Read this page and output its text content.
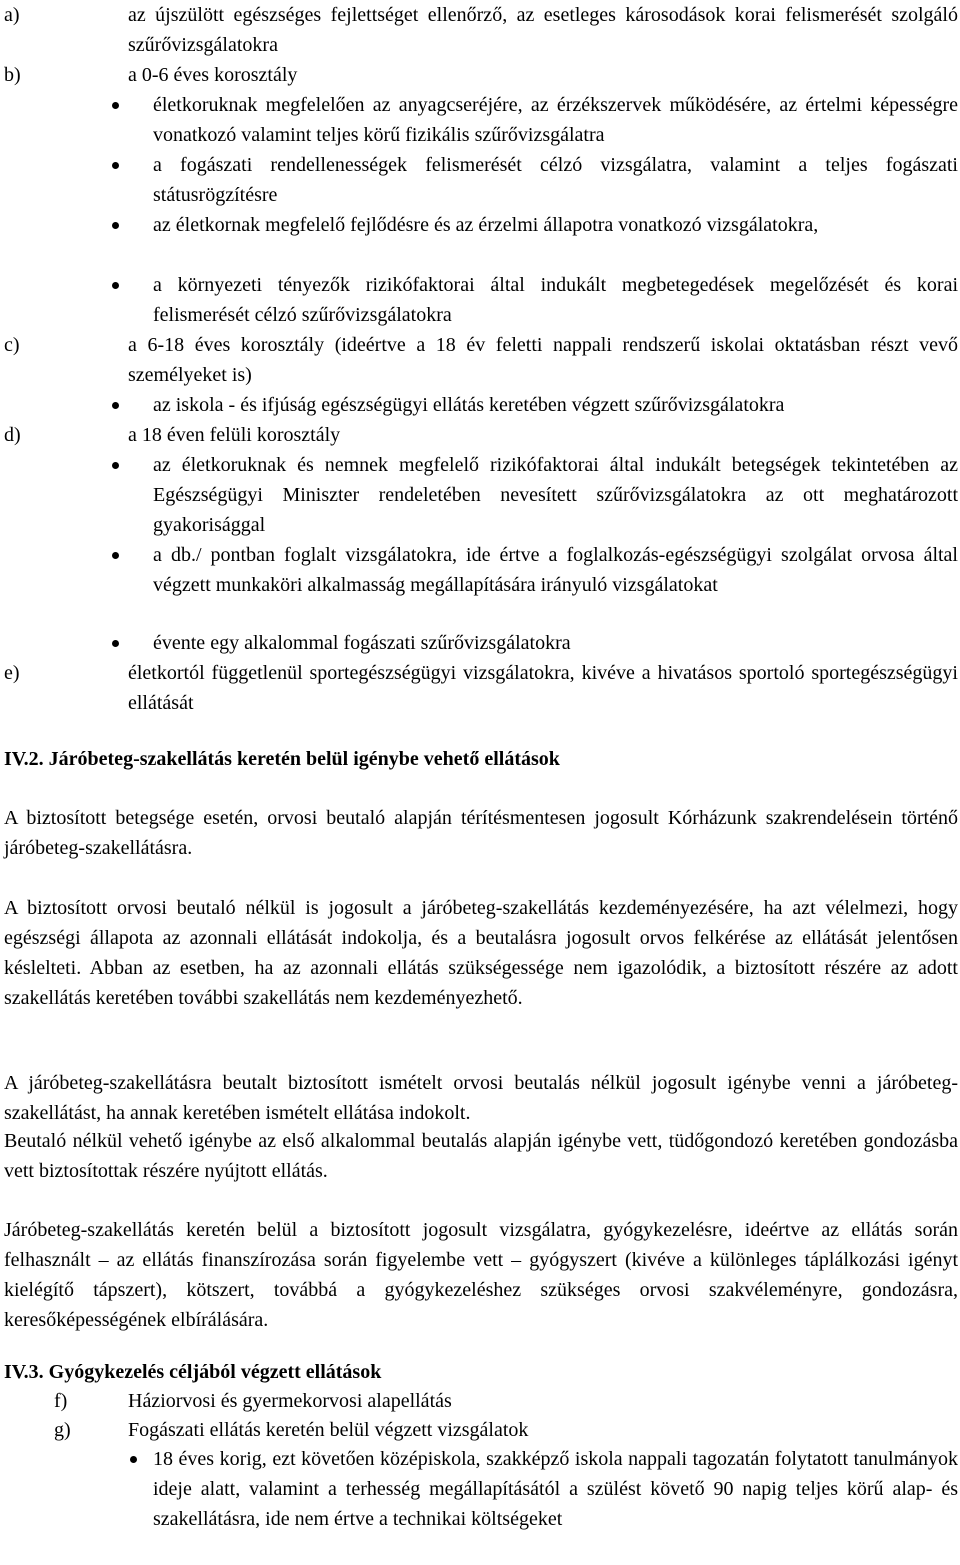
a)	az újszülött egészséges fejlettséget ellenőrző, az esetleges károsodások korai felismerését szolgáló szűrővizsgálatokra
b)	a 0-6 éves korosztály
életkoruknak megfelelően az anyagcseréjére, az érzékszervek működésére, az értelmi képességre vonatkozó valamint teljes körű fizikális szűrővizsgálatra
a fogászati rendellenességek felismerését célzó vizsgálatra, valamint a teljes fogászati státusrögzítésre
az életkornak megfelelő fejlődésre és az érzelmi állapotra vonatkozó vizsgálatokra,
a környezeti tényezők rizikófaktorai által indukált megbetegedések megelőzését és korai felismerését célzó szűrővizsgálatokra
c)	a 6-18 éves korosztály (ideértve a 18 év feletti nappali rendszerű iskolai oktatásban részt vevő személyeket is)
az iskola - és ifjúság egészségügyi ellátás keretében végzett szűrővizsgálatokra
d)	a 18 éven felüli korosztály
az életkoruknak és nemnek megfelelő rizikófaktorai által indukált betegségek tekintetében az Egészségügyi Miniszter rendeletében nevesített szűrővizsgálatokra az ott meghatározott gyakorisággal
a db./ pontban foglalt vizsgálatokra, ide értve a foglalkozás-egészségügyi szolgálat orvosa által végzett munkaköri alkalmasság megállapítására irányuló vizsgálatokat
évente egy alkalommal fogászati szűrővizsgálatokra
e)	életkortól függetlenül sportegészségügyi vizsgálatokra, kivéve a hivatásos sportoló sportegészségügyi ellátását
IV.2. Járóbeteg-szakellátás keretén belül igénybe vehető ellátások

A biztosított betegsége esetén, orvosi beutaló alapján térítésmentesen jogosult Kórházunk szakrendelésein történő járóbeteg-szakellátásra.

A biztosított orvosi beutaló nélkül is jogosult a járóbeteg-szakellátás kezdeményezésére, ha azt vélelmezi, hogy egészségi állapota az azonnali ellátását indokolja, és a beutalásra jogosult orvos felkérése az ellátását jelentősen késlelteti. Abban az esetben, ha az azonnali ellátás szükségessége nem igazolódik, a biztosított részére az adott szakellátás keretében további szakellátás nem kezdeményezhető.

A járóbeteg-szakellátásra beutalt biztosított ismételt orvosi beutalás nélkül jogosult igénybe venni a járóbeteg-szakellátást, ha annak keretében ismételt ellátása indokolt.

Beutaló nélkül vehető igénybe az első alkalommal beutalás alapján igénybe vett, tüdőgondozó keretében gondozásba vett biztosítottak részére nyújtott ellátás.

Járóbeteg-szakellátás keretén belül a biztosított jogosult vizsgálatra, gyógykezelésre, ideértve az ellátás során felhasznált – az ellátás finanszírozása során figyelembe vett – gyógyszert (kivéve a különleges táplálkozási igényt kielégítő tápszert), kötszert, továbbá a gyógykezeléshez szükséges orvosi szakvéleményre, gondozásra, keresőképességének elbírálására.

IV.3. Gyógykezelés céljából végzett ellátások
f)	Háziorvosi és gyermekorvosi alapellátás
g)	Fogászati ellátás keretén belül végzett vizsgálatok
18 éves korig, ezt követően középiskola, szakképző iskola nappali tagozatán folytatott tanulmányok ideje alatt, valamint a terhesség megállapításától a szülést követő 90 napig teljes körű alap- és szakellátásra, ide nem értve a technikai költségeket
